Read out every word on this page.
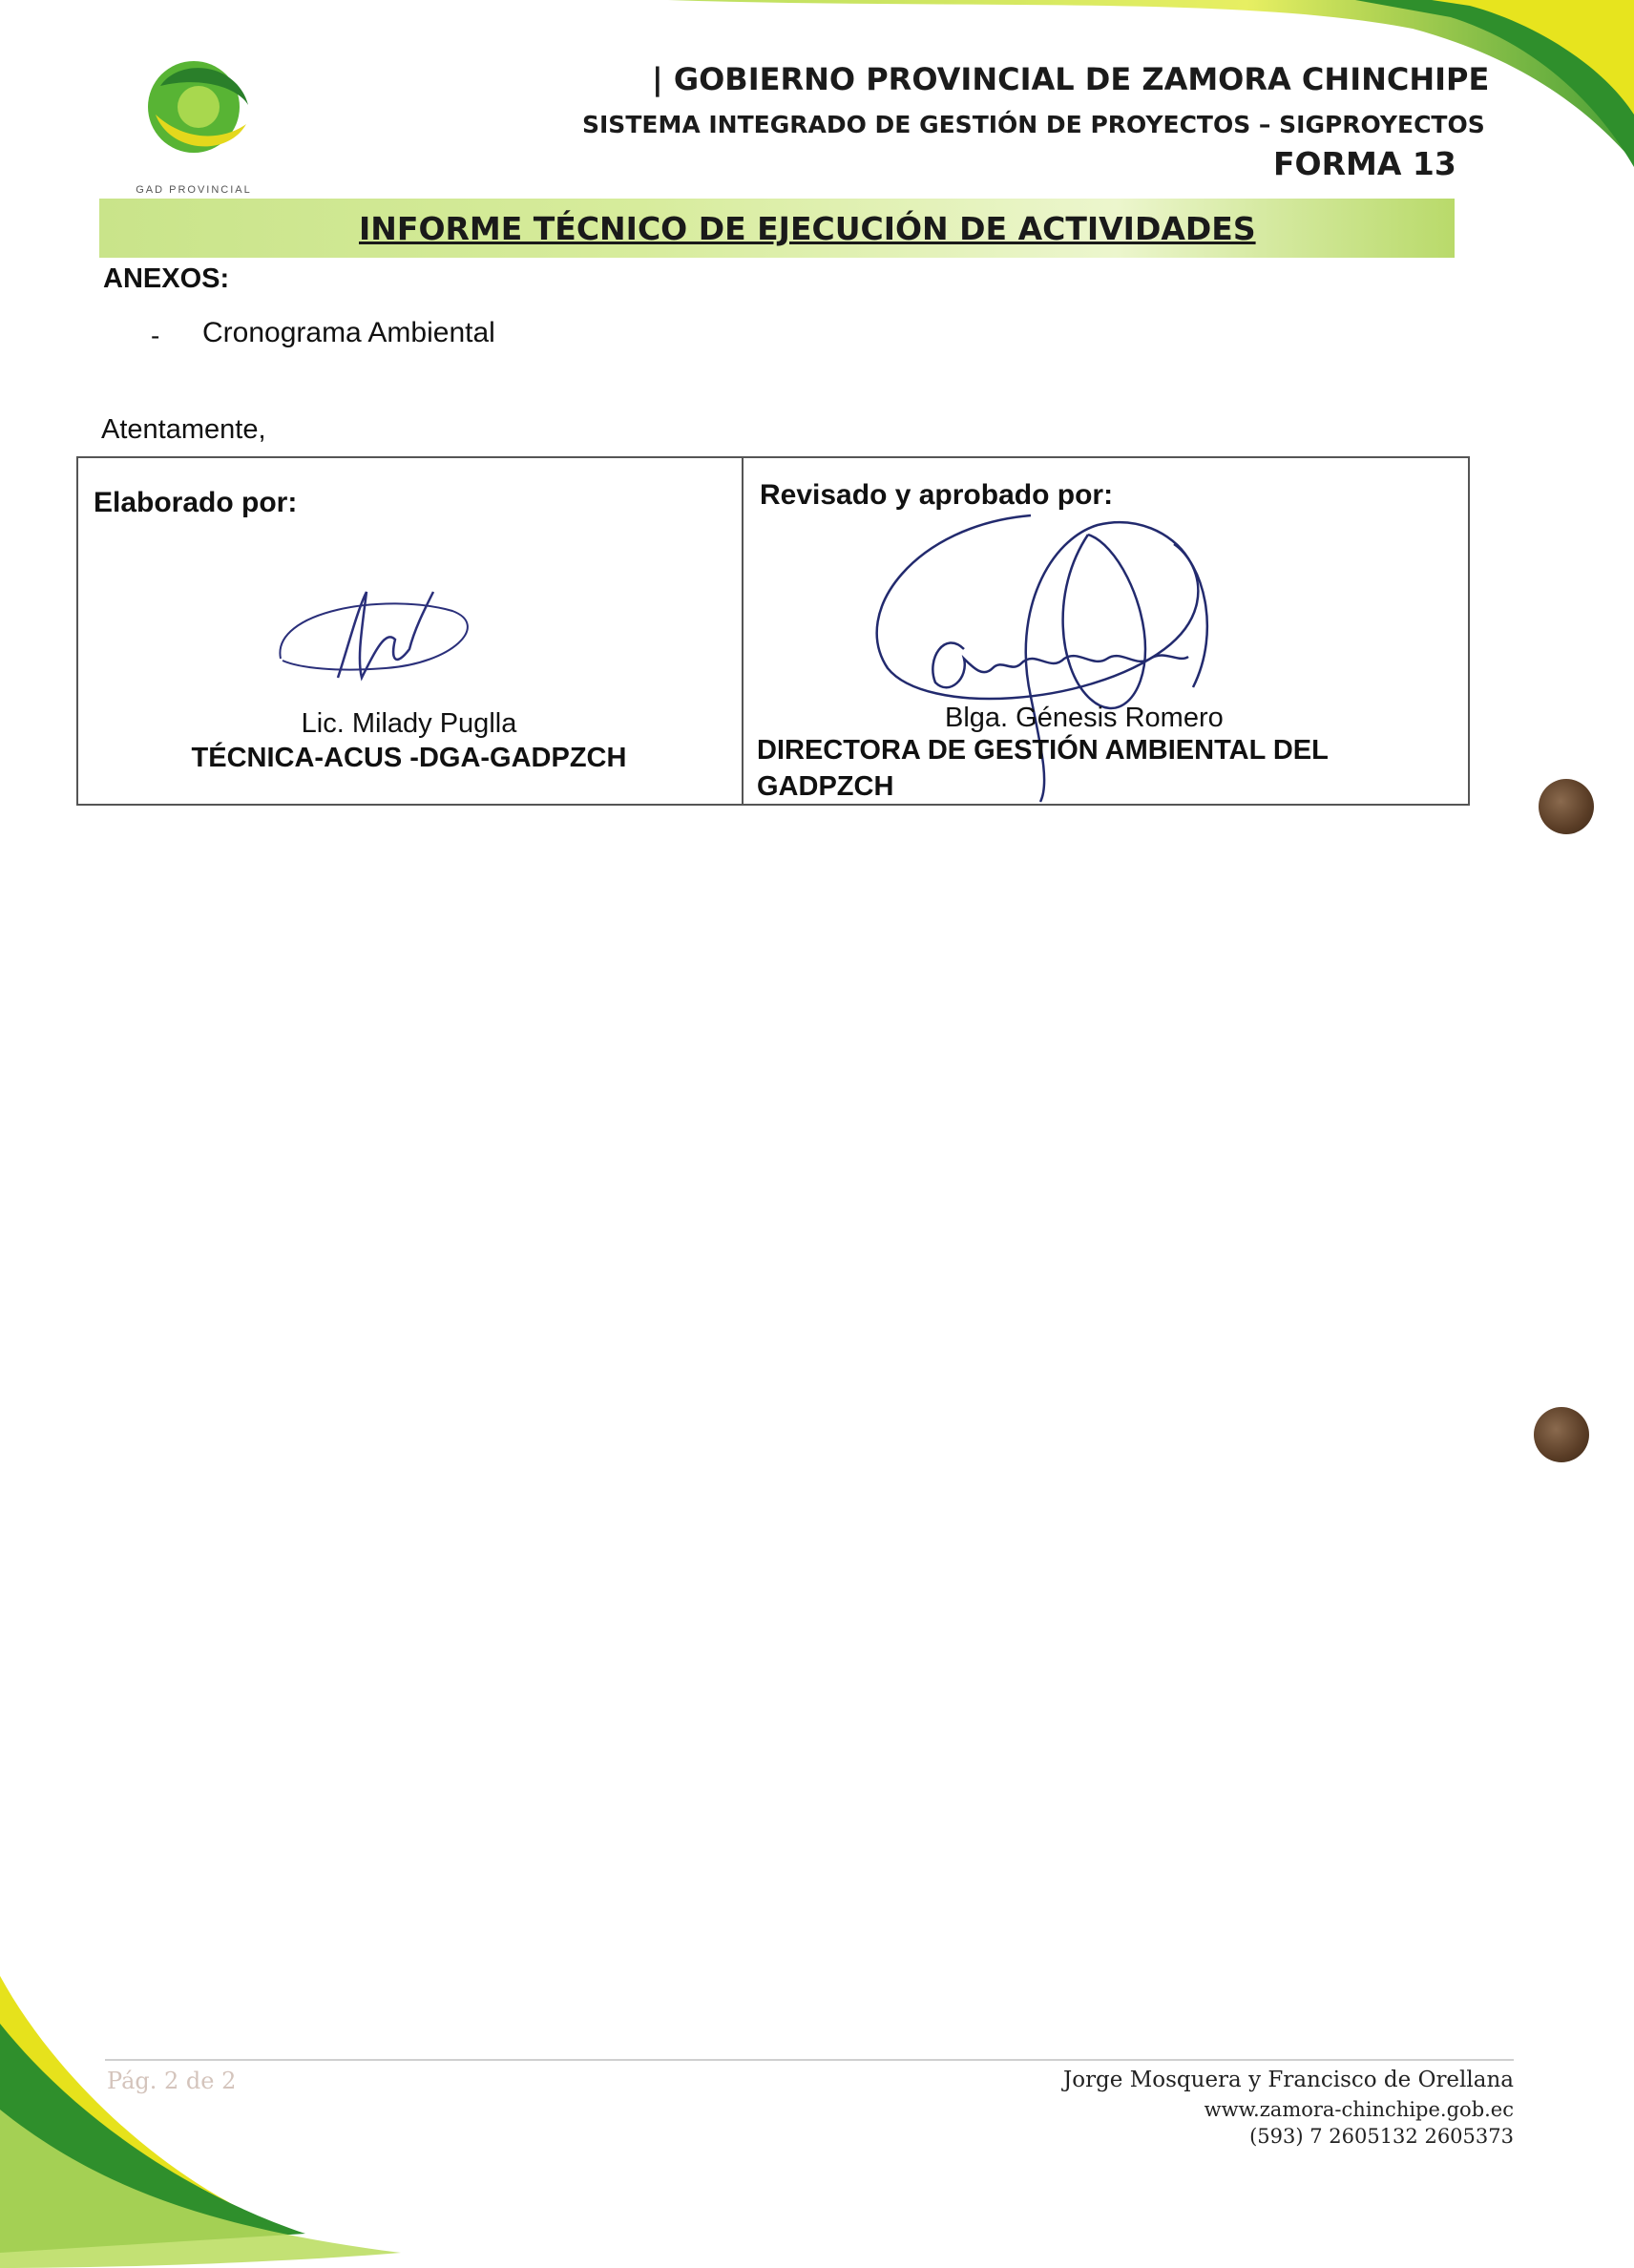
GAD PROVINCIAL
| GOBIERNO PROVINCIAL DE ZAMORA CHINCHIPE
SISTEMA INTEGRADO DE GESTIÓN DE PROYECTOS – SIGPROYECTOS
FORMA 13
INFORME TÉCNICO DE EJECUCIÓN DE ACTIVIDADES
ANEXOS:
- Cronograma Ambiental
Atentamente,
Elaborado por:	Revisado y aprobado por:
Lic. Milady Puglla
TÉCNICA-ACUS -DGA-GADPZCH
Blga. Génesis Romero
DIRECTORA DE GESTIÓN AMBIENTAL DEL
GADPZCH
Pág. 2 de 2	Jorge Mosquera y Francisco de Orellana
www.zamora-chinchipe.gob.ec
(593) 7 2605132 2605373
